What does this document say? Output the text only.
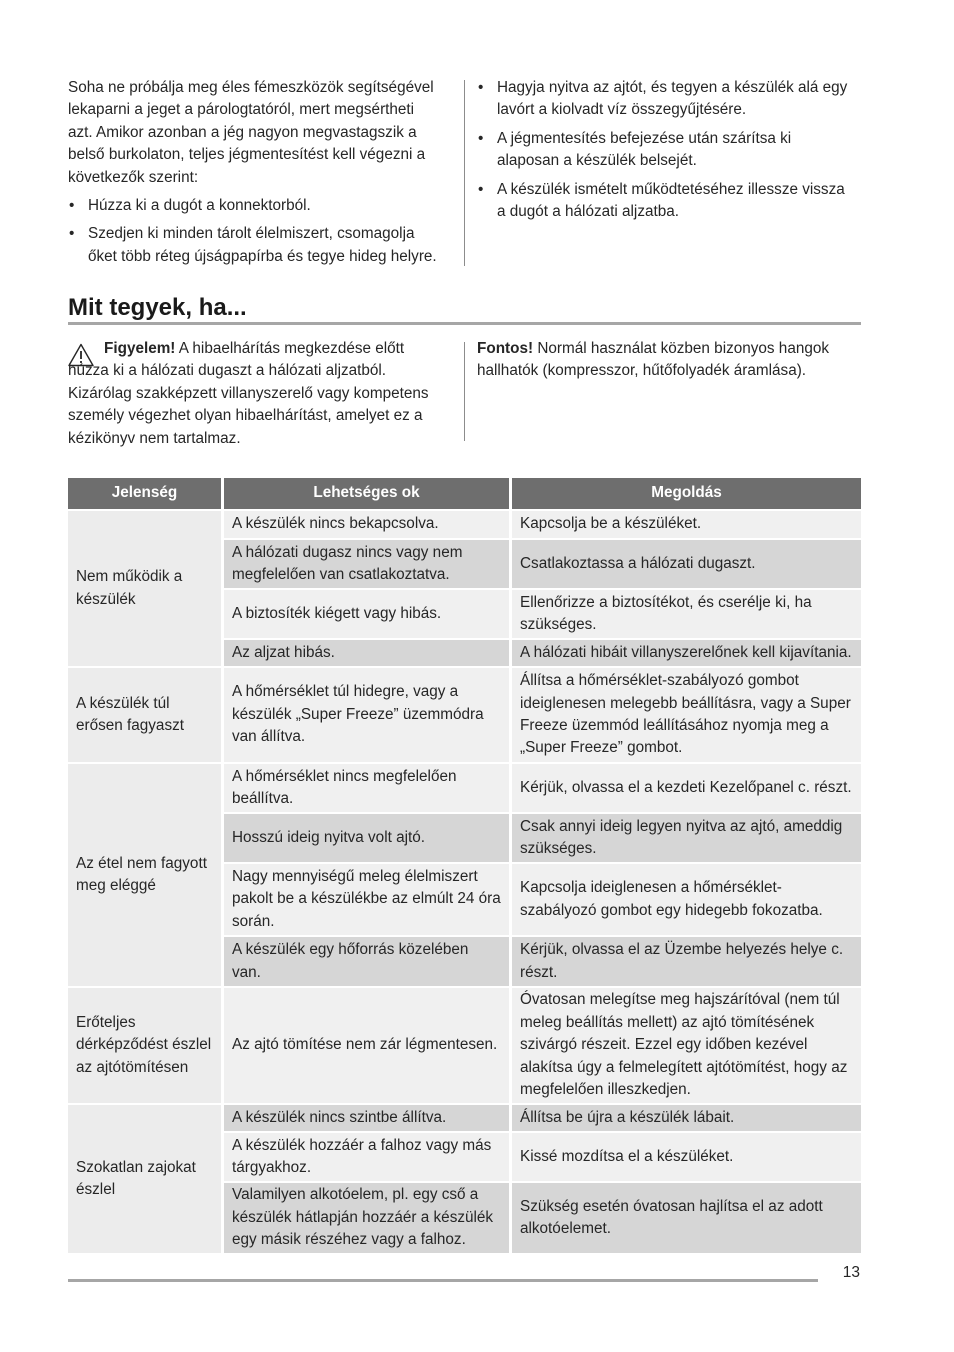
Soha ne próbálja meg éles fémeszközök segítségével lekaparni a jeget a párologtatóról, mert megsértheti azt. Amikor azonban a jég nagyon megvastagszik a belső burkolaton, teljes jégmentesítést kell végezni a következők szerint:

• Húzza ki a dugót a konnektorból.
• Szedjen ki minden tárolt élelmiszert, csomagolja őket több réteg újságpapírba és tegye hideg helyre.
• Hagyja nyitva az ajtót, és tegyen a készülék alá egy lavórt a kiolvadt víz összegyűjtésére.
• A jégmentesítés befejezése után szárítsa ki alaposan a készülék belsejét.
• A készülék ismételt működtetéséhez illessze vissza a dugót a hálózati aljzatba.
Mit tegyek, ha...
Figyelem! A hibaelhárítás megkezdése előtt húzza ki a hálózati dugaszt a hálózati aljzatból. Kizárólag szakképzett villanyszerelő vagy kompetens személy végezhet olyan hibaelhárítást, amelyet ez a kézikönyv nem tartalmaz.
Fontos! Normál használat közben bizonyos hangok hallhatók (kompresszor, hűtőfolyadék áramlása).
Jelenség	Lehetséges ok	Megoldás
Nem működik a készülék	A készülék nincs bekapcsolva.	Kapcsolja be a készüléket.
	A hálózati dugasz nincs vagy nem megfelelően van csatlakoztatva.	Csatlakoztassa a hálózati dugaszt.
	A biztosíték kiégett vagy hibás.	Ellenőrizze a biztosítékot, és cserélje ki, ha szükséges.
	Az aljzat hibás.	A hálózati hibáit villanyszerelőnek kell kijavítania.
A készülék túl erősen fagyaszt	A hőmérséklet túl hidegre, vagy a készülék „Super Freeze” üzemmódra van állítva.	Állítsa a hőmérséklet-szabályozó gombot ideiglenesen melegebb beállításra, vagy a Super Freeze üzemmód leállításához nyomja meg a „Super Freeze” gombot.
Az étel nem fagyott meg eléggé	A hőmérséklet nincs megfelelően beállítva.	Kérjük, olvassa el a kezdeti Kezelőpanel c. részt.
	Hosszú ideig nyitva volt ajtó.	Csak annyi ideig legyen nyitva az ajtó, ameddig szükséges.
	Nagy mennyiségű meleg élelmiszert pakolt be a készülékbe az elmúlt 24 óra során.	Kapcsolja ideiglenesen a hőmérséklet-szabályozó gombot egy hidegebb fokozatba.
	A készülék egy hőforrás közelében van.	Kérjük, olvassa el az Üzembe helyezés helye c. részt.
Erőteljes dérképződést észlel az ajtótömítésen	Az ajtó tömítése nem zár légmentesen.	Óvatosan melegítse meg hajszárítóval (nem túl meleg beállítás mellett) az ajtó tömítésének szivárgó részeit. Ezzel egy időben kezével alakítsa úgy a felmelegített ajtótömítést, hogy az megfelelően illeszkedjen.
Szokatlan zajokat észlel	A készülék nincs szintbe állítva.	Állítsa be újra a készülék lábait.
	A készülék hozzáér a falhoz vagy más tárgyakhoz.	Kissé mozdítsa el a készüléket.
	Valamilyen alkotóelem, pl. egy cső a készülék hátlapján hozzáér a készülék egy másik részéhez vagy a falhoz.	Szükség esetén óvatosan hajlítsa el az adott alkotóelemet.
13
